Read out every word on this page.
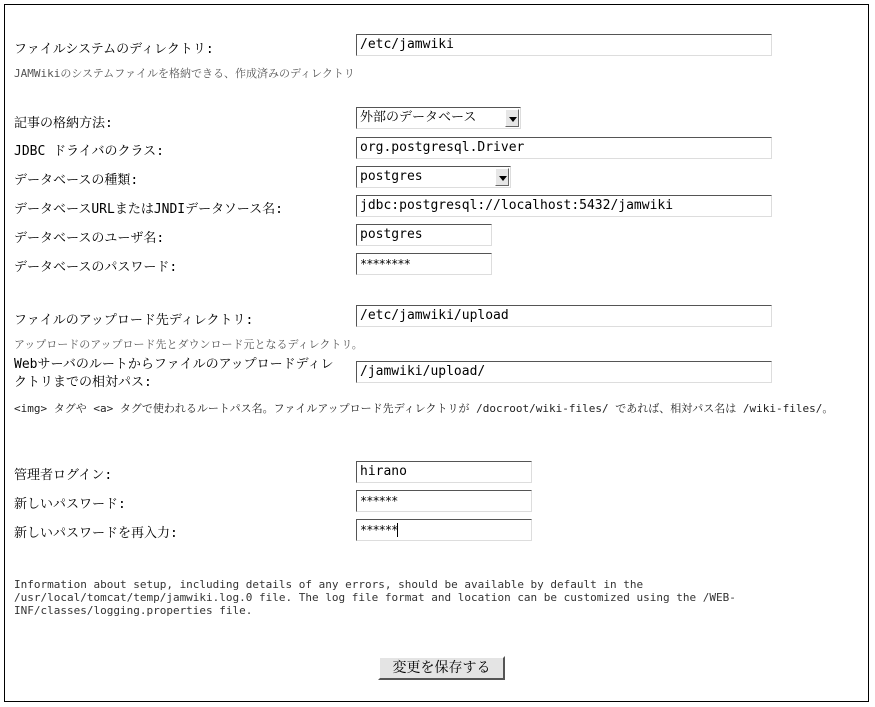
ファイルシステムのディレクトリ:	/etc/jamwiki
JAMWikiのシステムファイルを格納できる、作成済みのディレクトリ
記事の格納方法:	外部のデータベース
JDBC ドライバのクラス:	org.postgresql.Driver
データベースの種類:	postgres
データベースURLまたはJNDIデータソース名:	jdbc:postgresql://localhost:5432/jamwiki
データベースのユーザ名:	postgres
データベースのパスワード:	********
ファイルのアップロード先ディレクトリ:	/etc/jamwiki/upload
アップロードのアップロード先とダウンロード元となるディレクトリ。
Webサーバのルートからファイルのアップロードディレクトリまでの相対パス:
/jamwiki/upload/
<img> タグや <a> タグで使われるルートパス名。ファイルアップロード先ディレクトリが /docroot/wiki-files/ であれば、相対パス名は /wiki-files/。
管理者ログイン:	hirano
新しいパスワード:	******
新しいパスワードを再入力:	******
Information about setup, including details of any errors, should be available by default in the /usr/local/tomcat/temp/jamwiki.log.0 file. The log file format and location can be customized using the /WEB-INF/classes/logging.properties file.
変更を保存する
